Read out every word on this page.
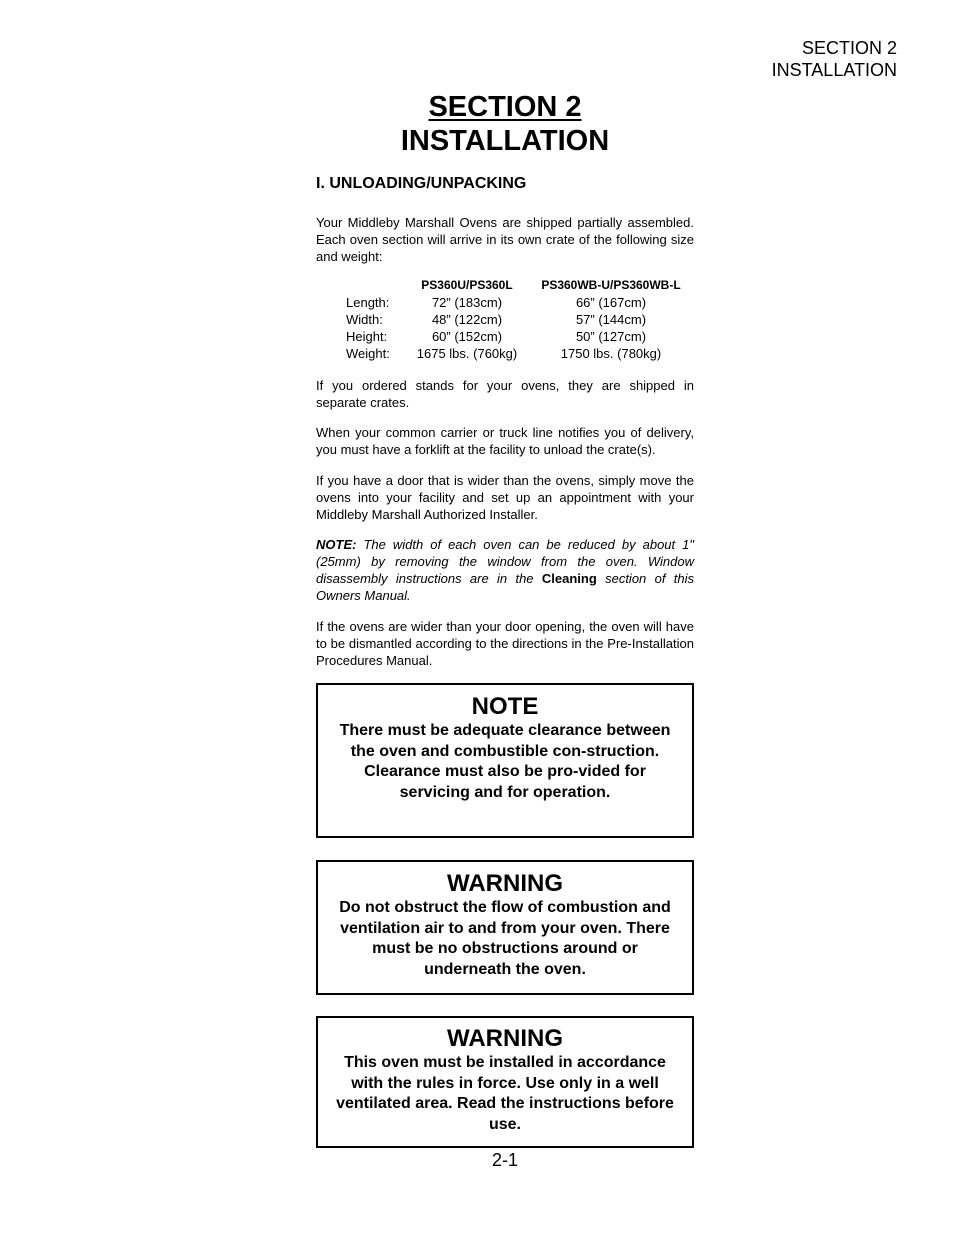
SECTION 2
INSTALLATION
SECTION 2
INSTALLATION
I. UNLOADING/UNPACKING

Your Middleby Marshall Ovens are shipped partially assembled. Each oven section will arrive in its own crate of the following size and weight:

	PS360U/PS360L	PS360WB-U/PS360WB-L
Length:	72” (183cm)	66” (167cm)
Width:	48” (122cm)	57” (144cm)
Height:	60” (152cm)	50” (127cm)
Weight:	1675 lbs. (760kg)	1750 lbs. (780kg)

If you ordered stands for your ovens, they are shipped in separate crates.

When your common carrier or truck line notifies you of delivery, you must have a forklift at the facility to unload the crate(s).

If you have a door that is wider than the ovens, simply move the ovens into your facility and set up an appointment with your Middleby Marshall Authorized Installer.

NOTE: The width of each oven can be reduced by about 1" (25mm) by removing the window from the oven. Window disassembly instructions are in the Cleaning section of this Owners Manual.

If the ovens are wider than your door opening, the oven will have to be dismantled according to the directions in the Pre-Installation Procedures Manual.

NOTE
There must be adequate clearance between the oven and combustible con-struction. Clearance must also be pro-vided for servicing and for operation.
WARNING
Do not obstruct the flow of combustion and ventilation air to and from your oven. There must be no obstructions around or underneath the oven.
WARNING
This oven must be installed in accordance with the rules in force. Use only in a well ventilated area. Read the instructions before use.
2-1
